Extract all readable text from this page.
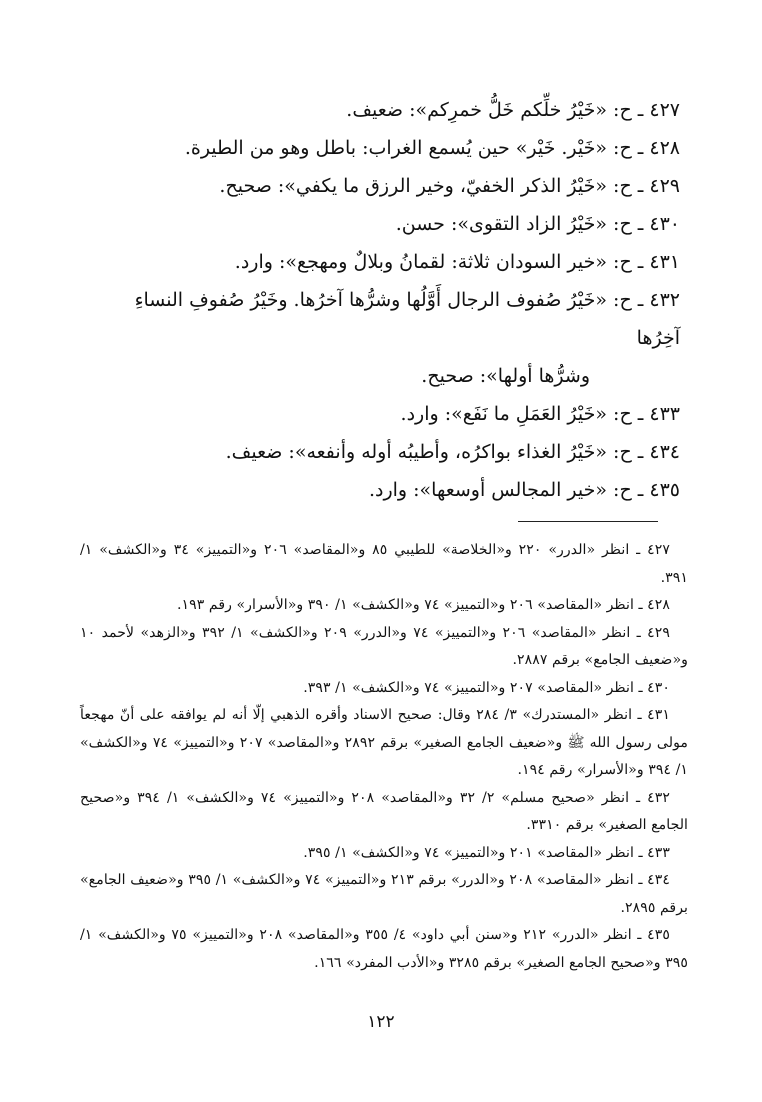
٤٢٧ ـ ح: «خَيْرُ خلِّكم خَلُّ خمرِكم»: ضعيف.
٤٢٨ ـ ح: «خَيْر. خَيْر» حين يُسمع الغراب: باطل وهو من الطيرة.
٤٢٩ ـ ح: «خَيْرُ الذكر الخفيّ، وخير الرزق ما يكفي»: صحيح.
٤٣٠ ـ ح: «خَيْرُ الزاد التقوى»: حسن.
٤٣١ ـ ح: «خير السودان ثلاثة: لقمانُ وبلالٌ ومهجع»: وارد.
٤٣٢ ـ ح: «خَيْرُ صُفوف الرجال أَوَّلُها وشرُّها آخرُها. وخَيْرُ صُفوفِ النساءِ آخِرُها
وشرُّها أولها»: صحيح.
٤٣٣ ـ ح: «خَيْرُ العَمَلِ ما نَفَع»: وارد.
٤٣٤ ـ ح: «خَيْرُ الغذاء بواكرُه، وأطيبُه أوله وأنفعه»: ضعيف.
٤٣٥ ـ ح: «خير المجالس أوسعها»: وارد.
٤٢٧ ـ انظر «الدرر» ٢٢٠ و«الخلاصة» للطيبي ٨٥ و«المقاصد» ٢٠٦ و«التمييز» ٣٤ و«الكشف» ١/ ٣٩١.
٤٢٨ ـ انظر «المقاصد» ٢٠٦ و«التمييز» ٧٤ و«الكشف» ١/ ٣٩٠ و«الأسرار» رقم ١٩٣.
٤٢٩ ـ انظر «المقاصد» ٢٠٦ و«التمييز» ٧٤ و«الدرر» ٢٠٩ و«الكشف» ١/ ٣٩٢ و«الزهد» لأحمد ١٠ و«ضعيف الجامع» برقم ٢٨٨٧.
٤٣٠ ـ انظر «المقاصد» ٢٠٧ و«التمييز» ٧٤ و«الكشف» ١/ ٣٩٣.
٤٣١ ـ انظر «المستدرك» ٣/ ٢٨٤ وقال: صحيح الاسناد وأقره الذهبي إلّا أنه لم يوافقه على أنّ مهجعاً مولى رسول الله ﷺ و«ضعيف الجامع الصغير» برقم ٢٨٩٢ و«المقاصد» ٢٠٧ و«التمييز» ٧٤ و«الكشف» ١/ ٣٩٤ و«الأسرار» رقم ١٩٤.
٤٣٢ ـ انظر «صحيح مسلم» ٢/ ٣٢ و«المقاصد» ٢٠٨ و«التمييز» ٧٤ و«الكشف» ١/ ٣٩٤ و«صحيح الجامع الصغير» برقم ٣٣١٠.
٤٣٣ ـ انظر «المقاصد» ٢٠١ و«التمييز» ٧٤ و«الكشف» ١/ ٣٩٥.
٤٣٤ ـ انظر «المقاصد» ٢٠٨ و«الدرر» برقم ٢١٣ و«التمييز» ٧٤ و«الكشف» ١/ ٣٩٥ و«ضعيف الجامع» برقم ٢٨٩٥.
٤٣٥ ـ انظر «الدرر» ٢١٢ و«سنن أبي داود» ٤/ ٣٥٥ و«المقاصد» ٢٠٨ و«التمييز» ٧٥ و«الكشف» ١/ ٣٩٥ و«صحيح الجامع الصغير» برقم ٣٢٨٥ و«الأدب المفرد» ١٦٦.
١٢٢
